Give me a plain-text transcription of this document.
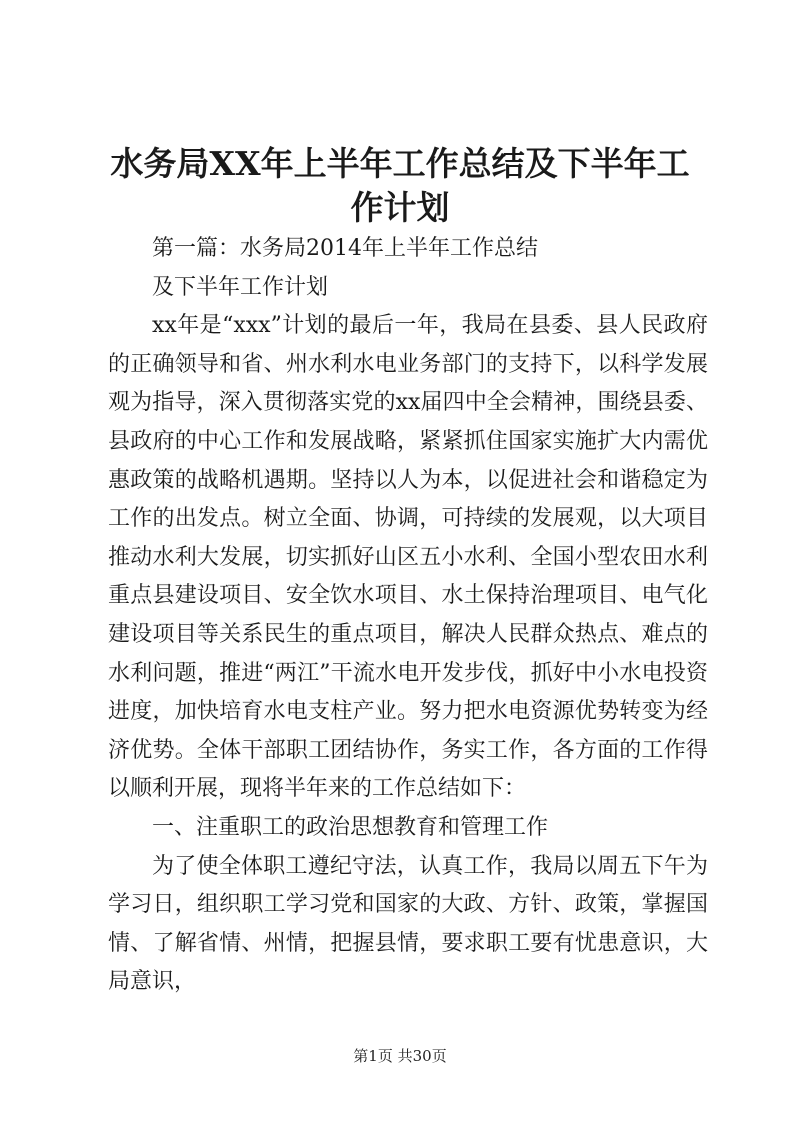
水务局XX年上半年工作总结及下半年工作计划

第一篇：水务局2014年上半年工作总结

及下半年工作计划

xx年是“xxx”计划的最后一年，我局在县委、县人民政府的正确领导和省、州水利水电业务部门的支持下，以科学发展观为指导，深入贯彻落实党的xx届四中全会精神，围绕县委、县政府的中心工作和发展战略，紧紧抓住国家实施扩大内需优惠政策的战略机遇期。坚持以人为本，以促进社会和谐稳定为工作的出发点。树立全面、协调，可持续的发展观，以大项目推动水利大发展，切实抓好山区五小水利、全国小型农田水利重点县建设项目、安全饮水项目、水土保持治理项目、电气化建设项目等关系民生的重点项目，解决人民群众热点、难点的水利问题，推进“两江”干流水电开发步伐，抓好中小水电投资进度，加快培育水电支柱产业。努力把水电资源优势转变为经济优势。全体干部职工团结协作，务实工作，各方面的工作得以顺利开展，现将半年来的工作总结如下：

一、注重职工的政治思想教育和管理工作

为了使全体职工遵纪守法，认真工作，我局以周五下午为学习日，组织职工学习党和国家的大政、方针、政策，掌握国情、了解省情、州情，把握县情，要求职工要有忧患意识，大局意识，

第1页 共30页
